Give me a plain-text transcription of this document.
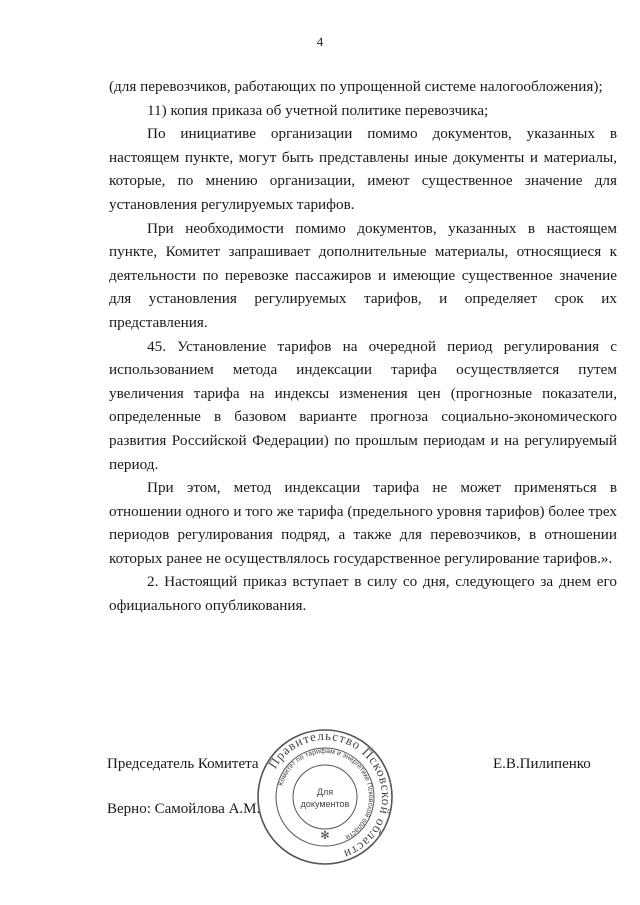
4

(для перевозчиков, работающих по упрощенной системе налогообложения);

11) копия приказа об учетной политике перевозчика;

По инициативе организации помимо документов, указанных в настоящем пункте, могут быть представлены иные документы и материалы, которые, по мнению организации, имеют существенное значение для установления регулируемых тарифов.

При необходимости помимо документов, указанных в настоящем пункте, Комитет запрашивает дополнительные материалы, относящиеся к деятельности по перевозке пассажиров и имеющие существенное значение для установления регулируемых тарифов, и определяет срок их представления.

45. Установление тарифов на очередной период регулирования с использованием метода индексации тарифа осуществляется путем увеличения тарифа на индексы изменения цен (прогнозные показатели, определенные в базовом варианте прогноза социально-экономического развития Российской Федерации) по прошлым периодам и на регулируемый период.

При этом, метод индексации тарифа не может применяться в отношении одного и того же тарифа (предельного уровня тарифов) более трех периодов регулирования подряд, а также для перевозчиков, в отношении которых ранее не осуществлялось государственное регулирование тарифов.».

2. Настоящий приказ вступает в силу со дня, следующего за днем его официального опубликования.

Председатель Комитета	Е.В.Пилипенко
Верно: Самойлова А.М.
Правительство Псковской области
Комитет по тарифам и энергетике Псковской области
Для
документов
✻
